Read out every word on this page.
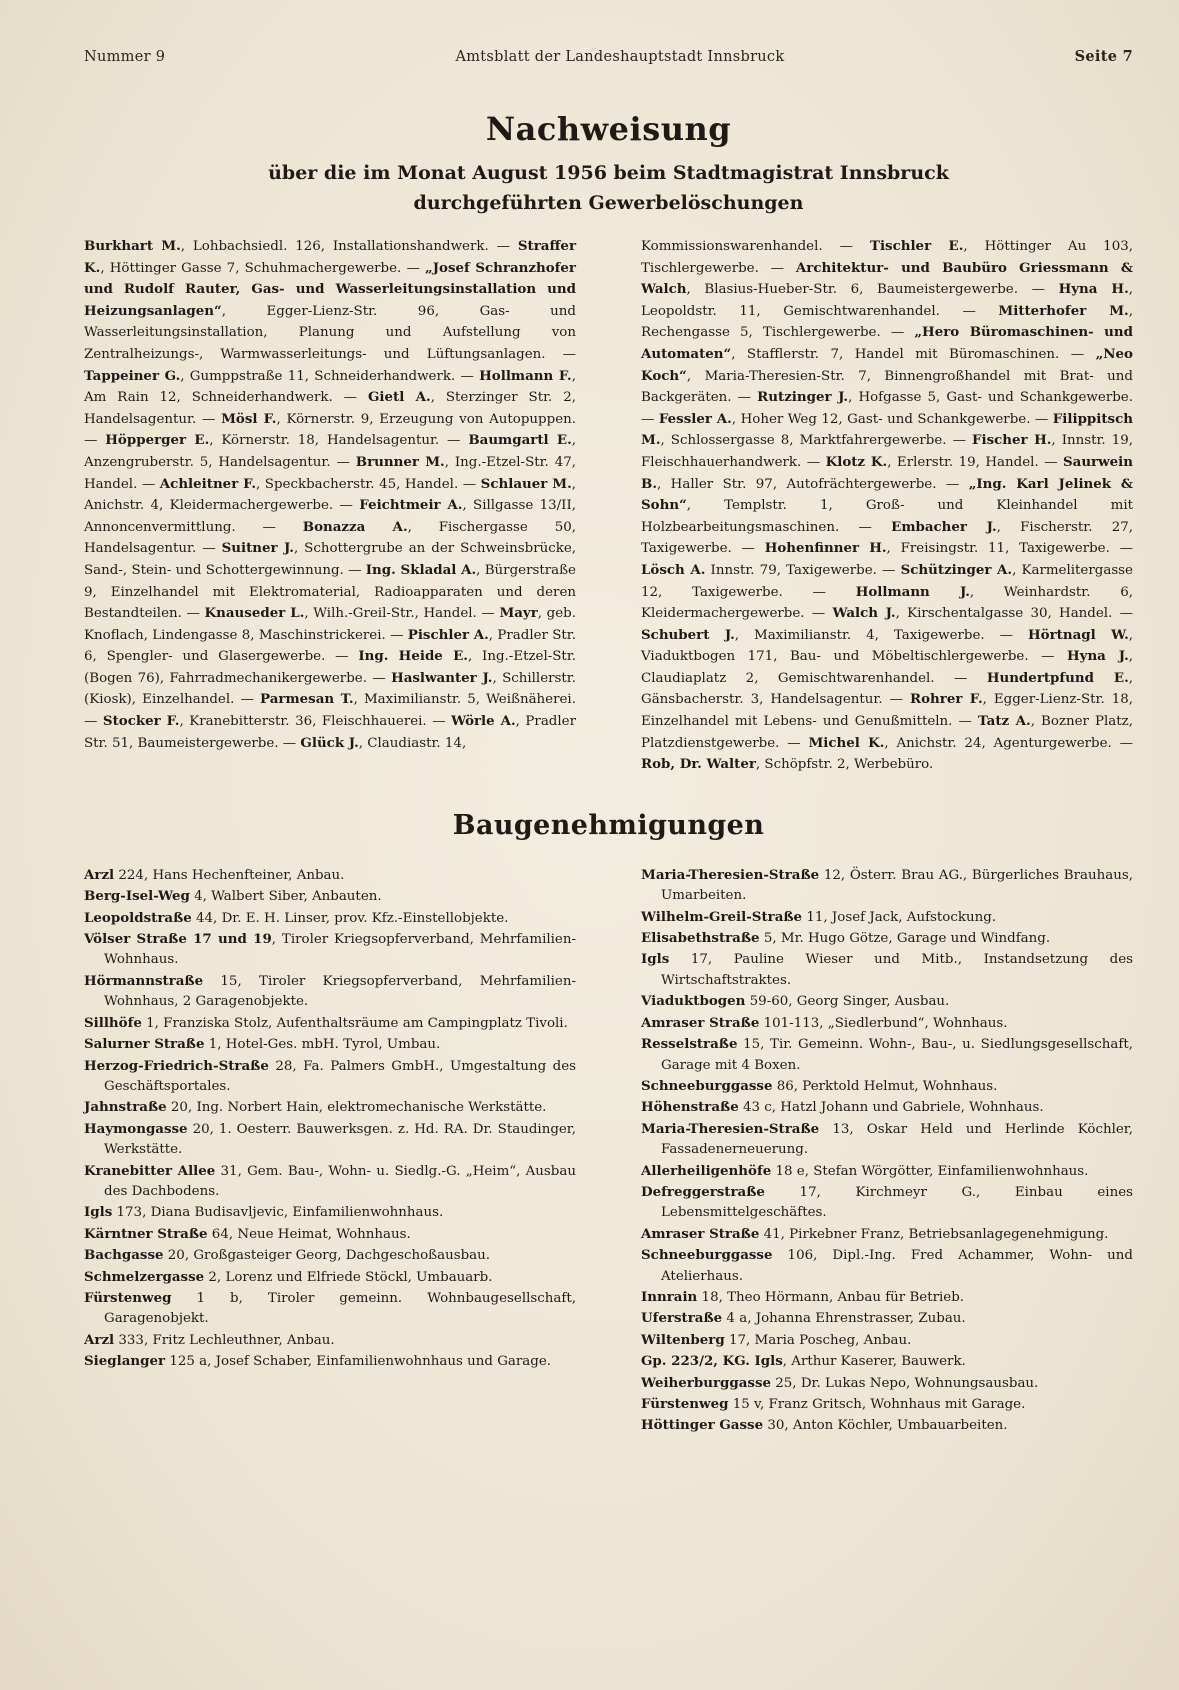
Nummer 9	Amtsblatt der Landeshauptstadt Innsbruck	Seite 7
Nachweisung
über die im Monat August 1956 beim Stadtmagistrat Innsbruck
durchgeführten Gewerbelöschungen
Burkhart M., Lohbachsiedl. 126, Installationshandwerk. — Straffer K., Höttinger Gasse 7, Schuhmachergewerbe. — „Josef Schranzhofer und Rudolf Rauter, Gas- und Wasserleitungsinstallation und Heizungsanlagen“, Egger-Lienz-Str. 96, Gas- und Wasserleitungsinstallation, Planung und Aufstellung von Zentralheizungs-, Warmwasserleitungs- und Lüftungsanlagen. — Tappeiner G., Gumppstraße 11, Schneiderhandwerk. — Hollmann F., Am Rain 12, Schneiderhandwerk. — Gietl A., Sterzinger Str. 2, Handelsagentur. — Mösl F., Körnerstr. 9, Erzeugung von Autopuppen. — Höpperger E., Körnerstr. 18, Handelsagentur. — Baumgartl E., Anzengruberstr. 5, Handelsagentur. — Brunner M., Ing.-Etzel-Str. 47, Handel. — Achleitner F., Speckbacherstr. 45, Handel. — Schlauer M., Anichstr. 4, Kleidermachergewerbe. — Feichtmeir A., Sillgasse 13/II, Annoncenvermittlung. — Bonazza A., Fischergasse 50, Handelsagentur. — Suitner J., Schottergrube an der Schweinsbrücke, Sand-, Stein- und Schottergewinnung. — Ing. Skladal A., Bürgerstraße 9, Einzelhandel mit Elektromaterial, Radioapparaten und deren Bestandteilen. — Knauseder L., Wilh.-Greil-Str., Handel. — Mayr, geb. Knoflach, Lindengasse 8, Maschinstrickerei. — Pischler A., Pradler Str. 6, Spengler- und Glasergewerbe. — Ing. Heide E., Ing.-Etzel-Str. (Bogen 76), Fahrradmechanikergewerbe. — Haslwanter J., Schillerstr. (Kiosk), Einzelhandel. — Parmesan T., Maximilianstr. 5, Weißnäherei. — Stocker F., Kranebitterstr. 36, Fleischhauerei. — Wörle A., Pradler Str. 51, Baumeistergewerbe. — Glück J., Claudiastr. 14,
Kommissionswarenhandel. — Tischler E., Höttinger Au 103, Tischlergewerbe. — Architektur- und Baubüro Griessmann & Walch, Blasius-Hueber-Str. 6, Baumeistergewerbe. — Hyna H., Leopoldstr. 11, Gemischtwarenhandel. — Mitterhofer M., Rechengasse 5, Tischlergewerbe. — „Hero Büromaschinen- und Automaten“, Stafflerstr. 7, Handel mit Büromaschinen. — „Neo Koch“, Maria-Theresien-Str. 7, Binnengroßhandel mit Brat- und Backgeräten. — Rutzinger J., Hofgasse 5, Gast- und Schankgewerbe. — Fessler A., Hoher Weg 12, Gast- und Schankgewerbe. — Filippitsch M., Schlossergasse 8, Marktfahrergewerbe. — Fischer H., Innstr. 19, Fleischhauerhandwerk. — Klotz K., Erlerstr. 19, Handel. — Saurwein B., Haller Str. 97, Autofrächtergewerbe. — „Ing. Karl Jelinek & Sohn“, Templstr. 1, Groß- und Kleinhandel mit Holzbearbeitungsmaschinen. — Embacher J., Fischerstr. 27, Taxigewerbe. — Hohenfinner H., Freisingstr. 11, Taxigewerbe. — Lösch A. Innstr. 79, Taxigewerbe. — Schützinger A., Karmelitergasse 12, Taxigewerbe. — Hollmann J., Weinhardstr. 6, Kleidermachergewerbe. — Walch J., Kirschentalgasse 30, Handel. — Schubert J., Maximilianstr. 4, Taxigewerbe. — Hörtnagl W., Viaduktbogen 171, Bau- und Möbeltischlergewerbe. — Hyna J., Claudiaplatz 2, Gemischtwarenhandel. — Hundertpfund E., Gänsbacherstr. 3, Handelsagentur. — Rohrer F., Egger-Lienz-Str. 18, Einzelhandel mit Lebens- und Genußmitteln. — Tatz A., Bozner Platz, Platzdienstgewerbe. — Michel K., Anichstr. 24, Agenturgewerbe. — Rob, Dr. Walter, Schöpfstr. 2, Werbebüro.
Baugenehmigungen
Arzl 224, Hans Hechenfteiner, Anbau.
Berg-Isel-Weg 4, Walbert Siber, Anbauten.
Leopoldstraße 44, Dr. E. H. Linser, prov. Kfz.-Einstellobjekte.
Völser Straße 17 und 19, Tiroler Kriegsopferverband, Mehrfamilien-Wohnhaus.
Hörmannstraße 15, Tiroler Kriegsopferverband, Mehrfamilien-Wohnhaus, 2 Garagenobjekte.
Sillhöfe 1, Franziska Stolz, Aufenthaltsräume am Campingplatz Tivoli.
Salurner Straße 1, Hotel-Ges. mbH. Tyrol, Umbau.
Herzog-Friedrich-Straße 28, Fa. Palmers GmbH., Umgestaltung des Geschäftsportales.
Jahnstraße 20, Ing. Norbert Hain, elektromechanische Werkstätte.
Haymongasse 20, 1. Oesterr. Bauwerksgen. z. Hd. RA. Dr. Staudinger, Werkstätte.
Kranebitter Allee 31, Gem. Bau-, Wohn- u. Siedlg.-G. „Heim“, Ausbau des Dachbodens.
Igls 173, Diana Budisavljevic, Einfamilienwohnhaus.
Kärntner Straße 64, Neue Heimat, Wohnhaus.
Bachgasse 20, Großgasteiger Georg, Dachgeschoßausbau.
Schmelzergasse 2, Lorenz und Elfriede Stöckl, Umbauarb.
Fürstenweg 1 b, Tiroler gemeinn. Wohnbaugesellschaft, Garagenobjekt.
Arzl 333, Fritz Lechleuthner, Anbau.
Sieglanger 125 a, Josef Schaber, Einfamilienwohnhaus und Garage.
Maria-Theresien-Straße 12, Österr. Brau AG., Bürgerliches Brauhaus, Umarbeiten.
Wilhelm-Greil-Straße 11, Josef Jack, Aufstockung.
Elisabethstraße 5, Mr. Hugo Götze, Garage und Windfang.
Igls 17, Pauline Wieser und Mitb., Instandsetzung des Wirtschaftstraktes.
Viaduktbogen 59-60, Georg Singer, Ausbau.
Amraser Straße 101-113, „Siedlerbund“, Wohnhaus.
Resselstraße 15, Tir. Gemeinn. Wohn-, Bau-, u. Siedlungsgesellschaft, Garage mit 4 Boxen.
Schneeburggasse 86, Perktold Helmut, Wohnhaus.
Höhenstraße 43 c, Hatzl Johann und Gabriele, Wohnhaus.
Maria-Theresien-Straße 13, Oskar Held und Herlinde Köchler, Fassadenerneuerung.
Allerheiligenhöfe 18 e, Stefan Wörgötter, Einfamilienwohnhaus.
Defreggerstraße 17, Kirchmeyr G., Einbau eines Lebensmittelgeschäftes.
Amraser Straße 41, Pirkebner Franz, Betriebsanlagegenehmigung.
Schneeburggasse 106, Dipl.-Ing. Fred Achammer, Wohn- und Atelierhaus.
Innrain 18, Theo Hörmann, Anbau für Betrieb.
Uferstraße 4 a, Johanna Ehrenstrasser, Zubau.
Wiltenberg 17, Maria Poscheg, Anbau.
Gp. 223/2, KG. Igls, Arthur Kaserer, Bauwerk.
Weiherburggasse 25, Dr. Lukas Nepo, Wohnungsausbau.
Fürstenweg 15 v, Franz Gritsch, Wohnhaus mit Garage.
Höttinger Gasse 30, Anton Köchler, Umbauarbeiten.
